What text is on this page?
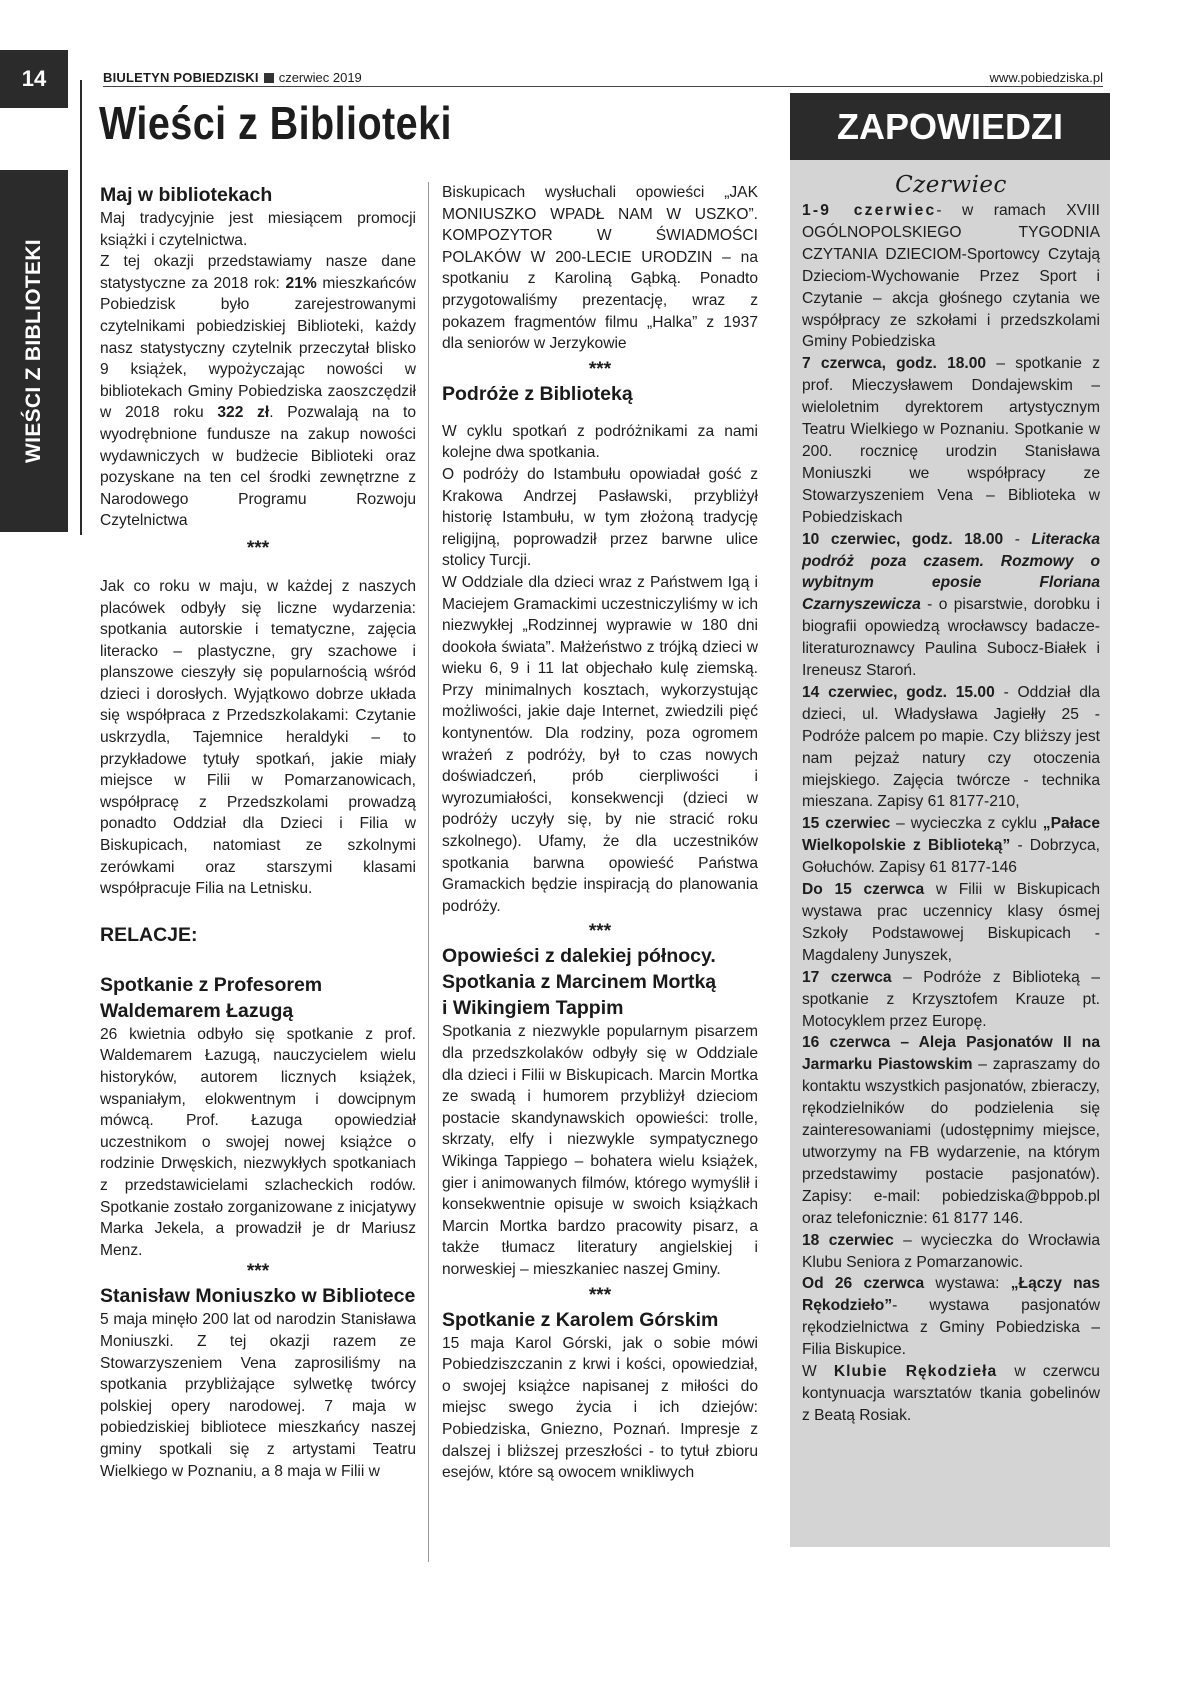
14
WIEŚCI Z BIBLIOTEKI
BIULETYN POBIEDZISKI czerwiec 2019	www.pobiedziska.pl
Wieści z Biblioteki

Maj w bibliotekach

Maj tradycyjnie jest miesiącem promocji książki i czytelnictwa.

Z tej okazji przedstawiamy nasze dane statystyczne za 2018 rok: 21% mieszkańców Pobiedzisk było zarejestrowanymi czytelnikami pobiedziskiej Biblioteki, każdy nasz statystyczny czytelnik przeczytał blisko 9 książek, wypożyczając nowości w bibliotekach Gminy Pobiedziska zaoszczędził w 2018 roku 322 zł. Pozwalają na to wyodrębnione fundusze na zakup nowości wydawniczych w budżecie Biblioteki oraz pozyskane na ten cel środki zewnętrzne z Narodowego Programu Rozwoju Czytelnictwa

***

Jak co roku w maju, w każdej z naszych placówek odbyły się liczne wydarzenia: spotkania autorskie i tematyczne, zajęcia literacko – plastyczne, gry szachowe i planszowe cieszyły się popularnością wśród dzieci i dorosłych. Wyjątkowo dobrze układa się współpraca z Przedszkolakami: Czytanie uskrzydla, Tajemnice heraldyki – to przykładowe tytuły spotkań, jakie miały miejsce w Filii w Pomarzanowicach, współpracę z Przedszkolami prowadzą ponadto Oddział dla Dzieci i Filia w Biskupicach, natomiast ze szkolnymi zerówkami oraz starszymi klasami współpracuje Filia na Letnisku.

RELACJE:

Spotkanie z Profesorem

Waldemarem Łazugą

26 kwietnia odbyło się spotkanie z prof. Waldemarem Łazugą, nauczycielem wielu historyków, autorem licznych książek, wspaniałym, elokwentnym i dowcipnym mówcą. Prof. Łazuga opowiedział uczestnikom o swojej nowej książce o rodzinie Drwęskich, niezwykłych spotkaniach z przedstawicielami szlacheckich rodów. Spotkanie zostało zorganizowane z inicjatywy Marka Jekela, a prowadził je dr Mariusz Menz.

***

Stanisław Moniuszko w Bibliotece

5 maja minęło 200 lat od narodzin Stanisława Moniuszki. Z tej okazji razem ze Stowarzyszeniem Vena zaprosiliśmy na spotkania przybliżające sylwetkę twórcy polskiej opery narodowej. 7 maja w pobiedziskiej bibliotece mieszkańcy naszej gminy spotkali się z artystami Teatru Wielkiego w Poznaniu, a 8 maja w Filii w

Biskupicach wysłuchali opowieści „JAK MONIUSZKO WPADŁ NAM W USZKO”. KOMPOZYTOR W ŚWIADMOŚCI POLAKÓW W 200-LECIE URODZIN – na spotkaniu z Karoliną Gąbką. Ponadto przygotowaliśmy prezentację, wraz z pokazem fragmentów filmu „Halka” z 1937 dla seniorów w Jerzykowie

***

Podróże z Biblioteką

W cyklu spotkań z podróżnikami za nami kolejne dwa spotkania.

O podróży do Istambułu opowiadał gość z Krakowa Andrzej Pasławski, przybliżył historię Istambułu, w tym złożoną tradycję religijną, poprowadził przez barwne ulice stolicy Turcji.

W Oddziale dla dzieci wraz z Państwem Igą i Maciejem Gramackimi uczestniczyliśmy w ich niezwykłej „Rodzinnej wyprawie w 180 dni dookoła świata”. Małżeństwo z trójką dzieci w wieku 6, 9 i 11 lat objechało kulę ziemską. Przy minimalnych kosztach, wykorzystując możliwości, jakie daje Internet, zwiedzili pięć kontynentów. Dla rodziny, poza ogromem wrażeń z podróży, był to czas nowych doświadczeń, prób cierpliwości i wyrozumiałości, konsekwencji (dzieci w podróży uczyły się, by nie stracić roku szkolnego). Ufamy, że dla uczestników spotkania barwna opowieść Państwa Gramackich będzie inspiracją do planowania podróży.

***

Opowieści z dalekiej północy.

Spotkania z Marcinem Mortką

i Wikingiem Tappim

Spotkania z niezwykle popularnym pisarzem dla przedszkolaków odbyły się w Oddziale dla dzieci i Filii w Biskupicach. Marcin Mortka ze swadą i humorem przybliżył dzieciom postacie skandynawskich opowieści: trolle, skrzaty, elfy i niezwykle sympatycznego Wikinga Tappiego – bohatera wielu książek, gier i animowanych filmów, którego wymyślił i konsekwentnie opisuje w swoich książkach Marcin Mortka bardzo pracowity pisarz, a także tłumacz literatury angielskiej i norweskiej – mieszkaniec naszej Gminy.

***

Spotkanie z Karolem Górskim

15 maja Karol Górski, jak o sobie mówi Pobiedziszczanin z krwi i kości, opowiedział, o swojej książce napisanej z miłości do miejsc swego życia i ich dziejów: Pobiedziska, Gniezno, Poznań. Impresje z dalszej i bliższej przeszłości - to tytuł zbioru esejów, które są owocem wnikliwych

ZAPOWIEDZI

Czerwiec

1-9 czerwiec- w ramach XVIII OGÓLNOPOLSKIEGO TYGODNIA CZYTANIA DZIECIOM-Sportowcy Czytają Dzieciom-Wychowanie Przez Sport i Czytanie – akcja głośnego czytania we współpracy ze szkołami i przedszkolami Gminy Pobiedziska

7 czerwca, godz. 18.00 – spotkanie z prof. Mieczysławem Dondajewskim – wieloletnim dyrektorem artystycznym Teatru Wielkiego w Poznaniu. Spotkanie w 200. rocznicę urodzin Stanisława Moniuszki we współpracy ze Stowarzyszeniem Vena – Biblioteka w Pobiedziskach

10 czerwiec, godz. 18.00 - Literacka podróż poza czasem. Rozmowy o wybitnym eposie Floriana Czarnyszewicza - o pisarstwie, dorobku i biografii opowiedzą wrocławscy badacze-literaturoznawcy Paulina Subocz-Białek i Ireneusz Staroń.

14 czerwiec, godz. 15.00 - Oddział dla dzieci, ul. Władysława Jagiełły 25 - Podróże palcem po mapie. Czy bliższy jest nam pejzaż natury czy otoczenia miejskiego. Zajęcia twórcze - technika mieszana. Zapisy 61 8177-210,

15 czerwiec – wycieczka z cyklu „Pałace Wielkopolskie z Biblioteką” - Dobrzyca, Gołuchów. Zapisy 61 8177-146

Do 15 czerwca w Filii w Biskupicach wystawa prac uczennicy klasy ósmej Szkoły Podstawowej Biskupicach - Magdaleny Junyszek,

17 czerwca – Podróże z Biblioteką – spotkanie z Krzysztofem Krauze pt. Motocyklem przez Europę.

16 czerwca – Aleja Pasjonatów II na Jarmarku Piastowskim – zapraszamy do kontaktu wszystkich pasjonatów, zbieraczy, rękodzielników do podzielenia się zainteresowaniami (udostępnimy miejsce, utworzymy na FB wydarzenie, na którym przedstawimy postacie pasjonatów). Zapisy: e-mail: pobiedziska@bppob.pl oraz telefonicznie: 61 8177 146.

18 czerwiec – wycieczka do Wrocławia Klubu Seniora z Pomarzanowic.

Od 26 czerwca wystawa: „Łączy nas Rękodzieło”- wystawa pasjonatów rękodzielnictwa z Gminy Pobiedziska – Filia Biskupice.

W Klubie Rękodzieła w czerwcu kontynuacja warsztatów tkania gobelinów z Beatą Rosiak.
